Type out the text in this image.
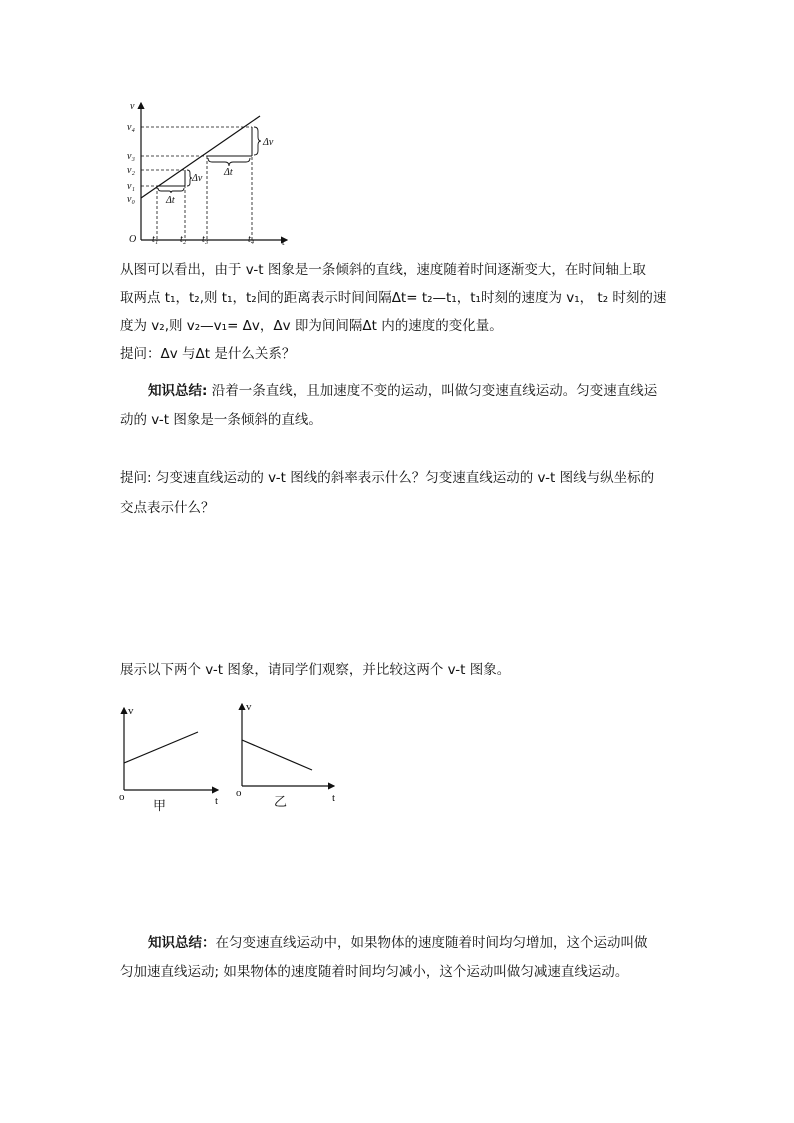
v
t
O
v₄
v₃
v₂
v₁
v₀
t₁ t₂ t₃	t₄
Δv
Δt
Δv
Δt

从图可以看出，由于 v-t 图象是一条倾斜的直线，速度随着时间逐渐变大，在时间轴上取

取两点 t₁，t₂,则 t₁，t₂间的距离表示时间间隔Δt= t₂—t₁，t₁时刻的速度为 v₁， t₂ 时刻的速

度为 v₂,则 v₂—v₁= Δv，Δv 即为间间隔Δt 内的速度的变化量。

提问：Δv 与Δt 是什么关系？

知识总结: 沿着一条直线，且加速度不变的运动，叫做匀变速直线运动。匀变速直线运

动的 v-t 图象是一条倾斜的直线。

提问: 匀变速直线运动的 v-t 图线的斜率表示什么？匀变速直线运动的 v-t 图线与纵坐标的

交点表示什么？

展示以下两个 v-t 图象，请同学们观察，并比较这两个 v-t 图象。

v
t
o
甲
v
t
o
乙

知识总结：在匀变速直线运动中，如果物体的速度随着时间均匀增加，这个运动叫做

匀加速直线运动; 如果物体的速度随着时间均匀减小，这个运动叫做匀减速直线运动。
